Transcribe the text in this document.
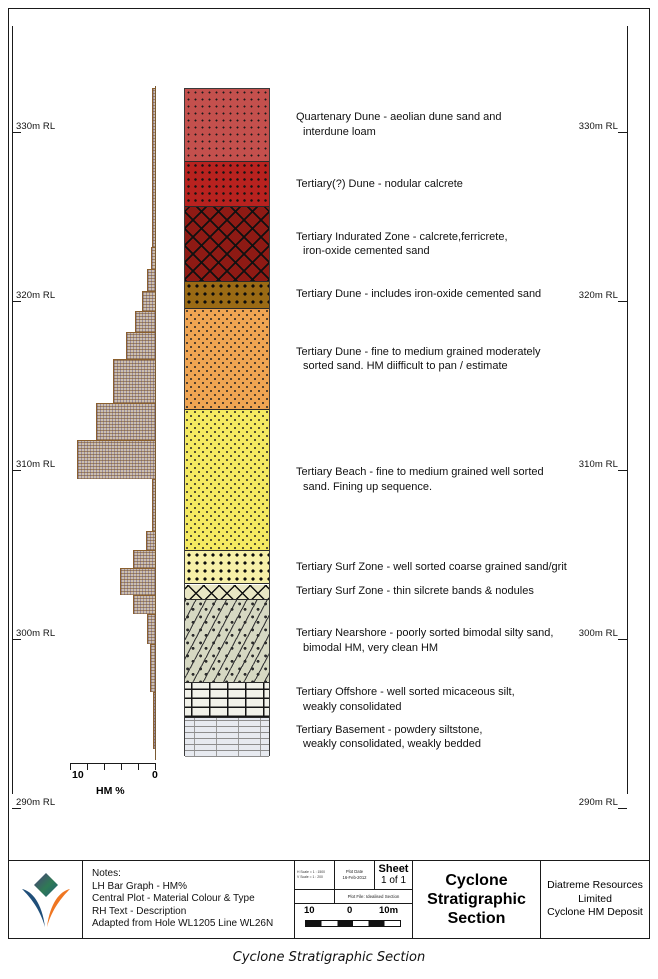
330m RL	330m RL
320m RL	320m RL
310m RL	310m RL
300m RL	300m RL
290m RL	290m RL
10	0
HM %
Quartenary Dune - aeolian dune sand and
interdune loam
Tertiary(?) Dune - nodular calcrete
Tertiary Indurated Zone - calcrete,ferricrete,
iron-oxide cemented sand
Tertiary Dune - includes iron-oxide cemented sand
Tertiary Dune - fine to medium grained moderately
sorted sand. HM diifficult to pan / estimate
Tertiary Beach - fine to medium grained well sorted
sand. Fining up sequence.
Tertiary Surf Zone - well sorted coarse grained sand/grit
Tertiary Surf Zone - thin silcrete bands & nodules
Tertiary Nearshore - poorly sorted bimodal silty sand,
bimodal HM, very clean HM
Tertiary Offshore - well sorted micaceous silt,
weakly consolidated
Tertiary Basement - powdery siltstone,
weakly consolidated, weakly bedded
Notes:
LH Bar Graph - HM%
Central Plot - Material Colour & Type
RH Text - Description
Adapted from Hole WL1205 Line WL26N
H Scale = 1 : 1500
V Scale = 1 : 200
Plot Date
16-Feb-2012
Sheet
1 of 1
Plot File: Idealised Section
10	0	10m
Cyclone
Stratigraphic
Section
Diatreme Resources
Limited
Cyclone HM Deposit
Cyclone Stratigraphic Section
